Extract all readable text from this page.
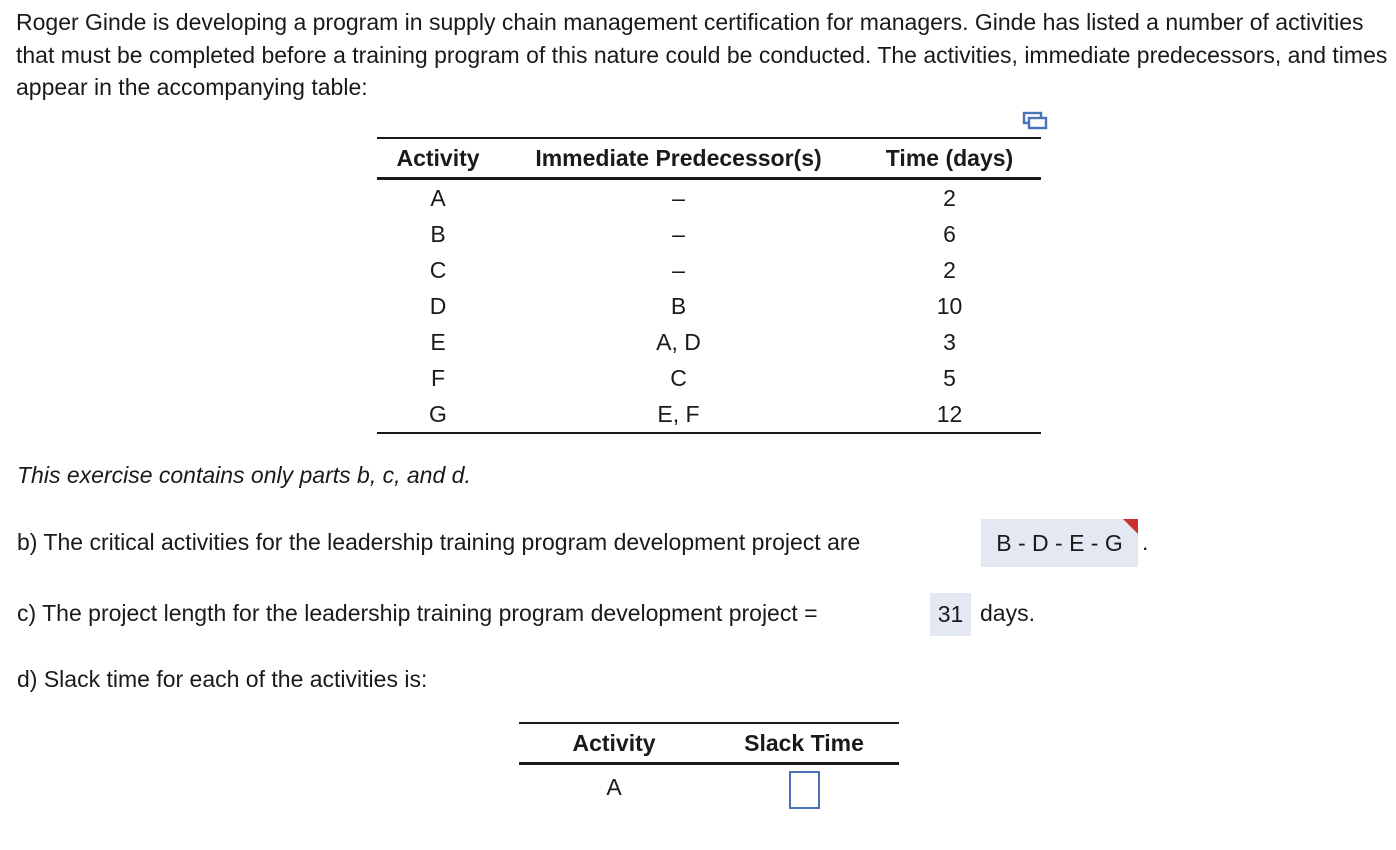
Roger Ginde is developing a program in supply chain management certification for managers. Ginde has listed a number of activities that must be completed before a training program of this nature could be conducted. The activities, immediate predecessors, and times appear in the accompanying table:

Activity	Immediate Predecessor(s)	Time (days)
A	–	2
B	–	6
C	–	2
D	B	10
E	A, D	3
F	C	5
G	E, F	12

This exercise contains only parts b, c, and d.

b) The critical activities for the leadership training program development project are	B - D - E - G .

c) The project length for the leadership training program development project =	31 days.

d) Slack time for each of the activities is:

Activity	Slack Time
A	
